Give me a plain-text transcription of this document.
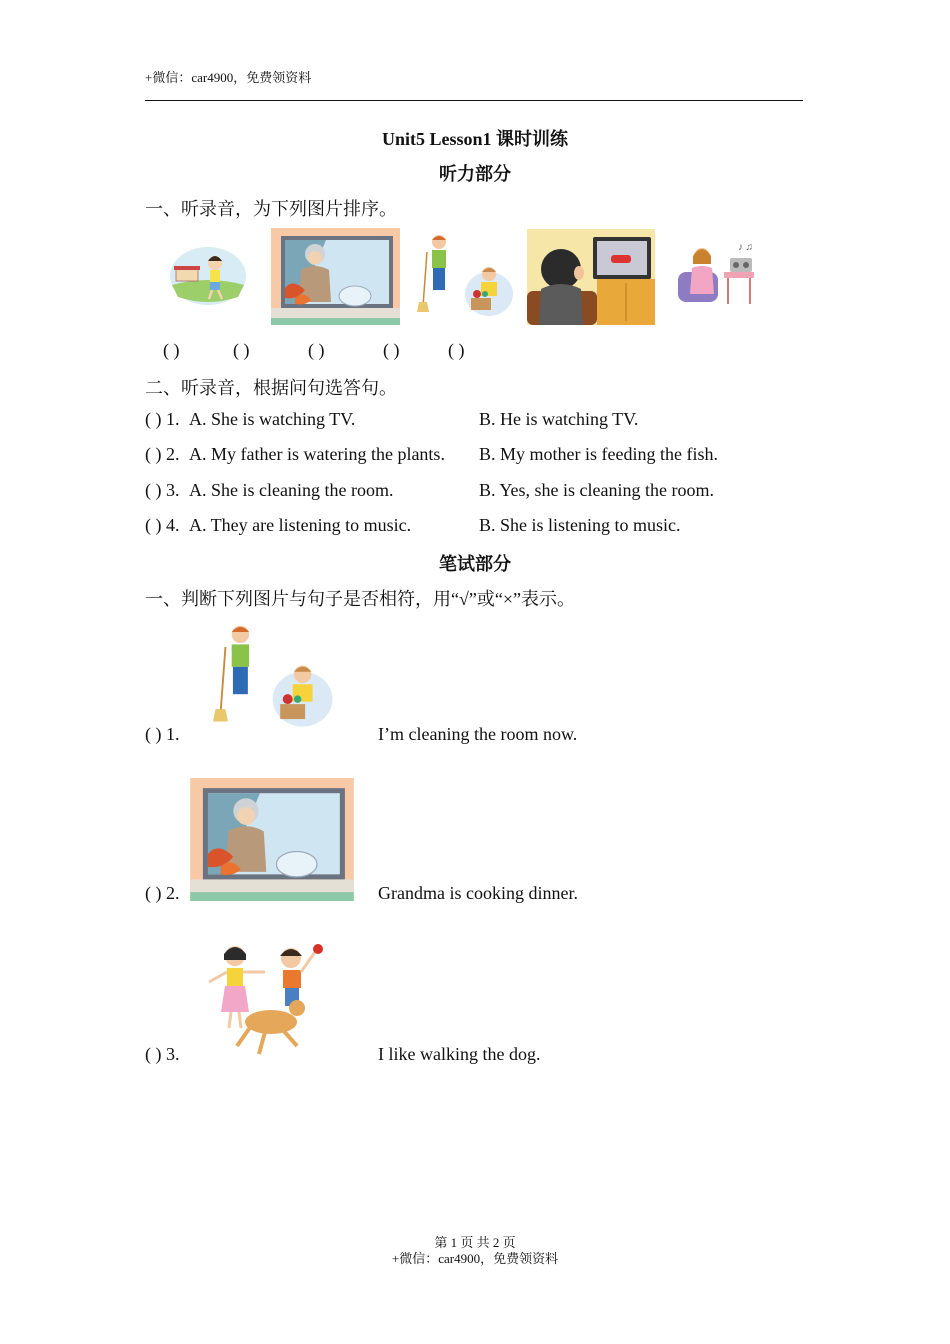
+微信：car4900，免费领资料
Unit5 Lesson1 课时训练
听力部分
一、听录音，为下列图片排序。
♪ ♫
( )	( )	( )	( )	( )
二、听录音，根据问句选答句。
( ) 1. A. She is watching TV.	B. He is watching TV.
( ) 2. A. My father is watering the plants. B. My mother is feeding the fish.
( ) 3. A. She is cleaning the room.	B. Yes, she is cleaning the room.
( ) 4. A. They are listening to music.	B. She is listening to music.
笔试部分
一、判断下列图片与句子是否相符，用“√”或“×”表示。
( ) 1.	I’m cleaning the room now.
( ) 2.	Grandma is cooking dinner.
( ) 3.	I like walking the dog.
第 1 页 共 2 页
+微信：car4900，免费领资料
